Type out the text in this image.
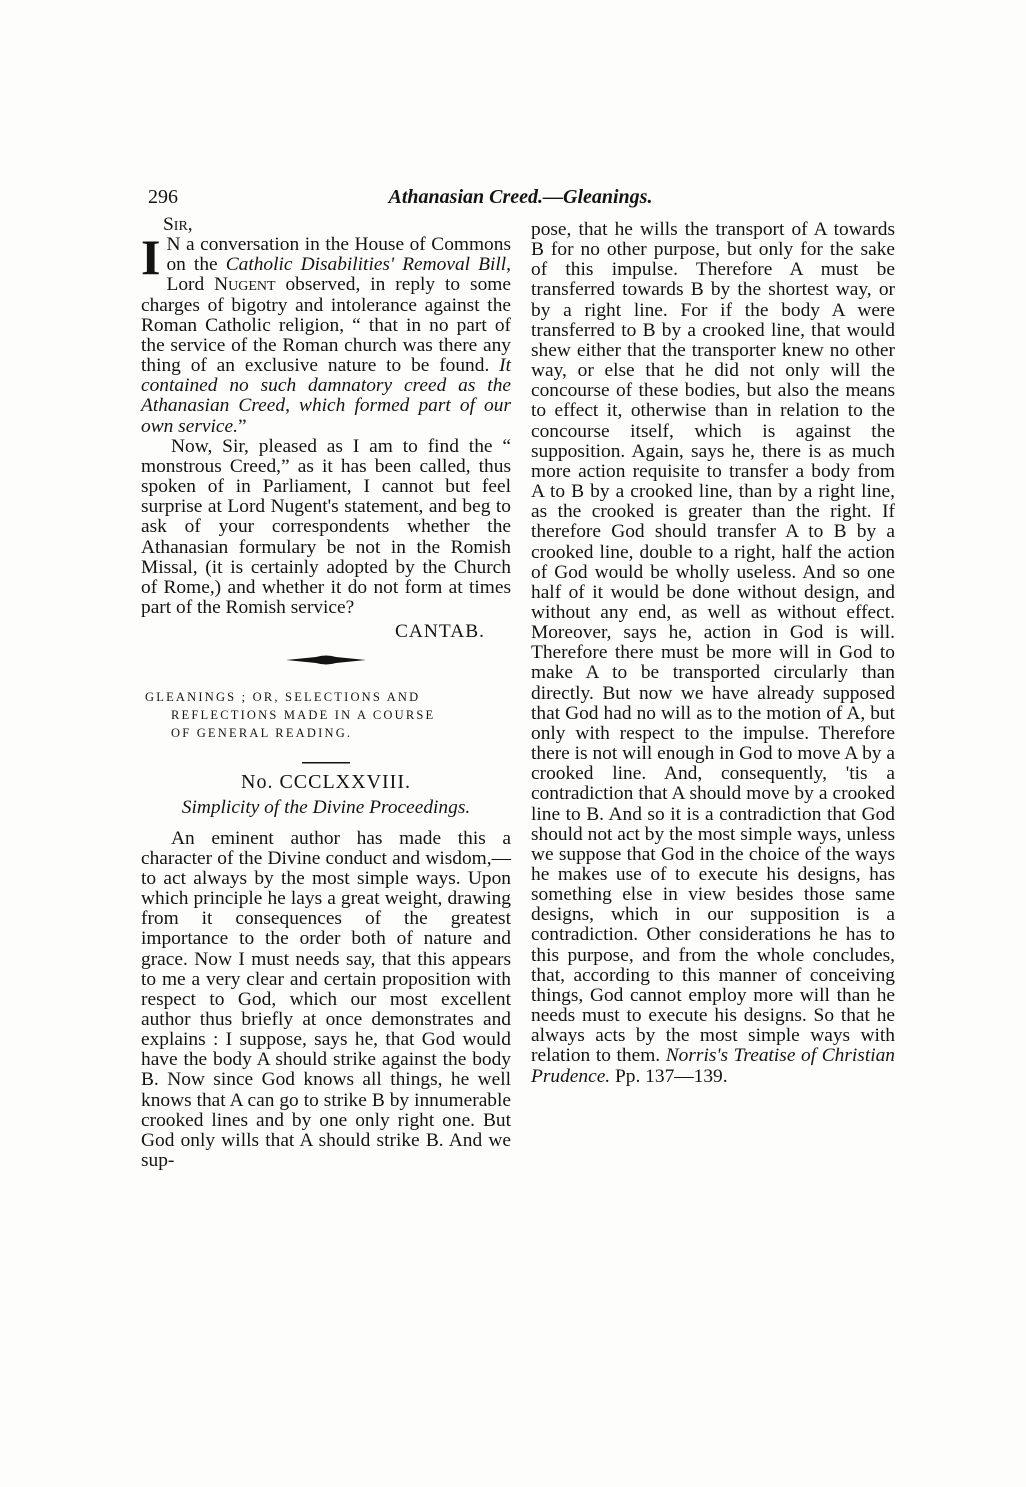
296	Athanasian Creed.—Gleanings.
Sir,

I N a conversation in the House of Commons on the Catholic Disabilities' Removal Bill, Lord Nugent observed, in reply to some charges of bigotry and intolerance against the Roman Catholic religion, “ that in no part of the service of the Roman church was there any thing of an exclusive nature to be found. It contained no such damnatory creed as the Athanasian Creed, which formed part of our own service.”

Now, Sir, pleased as I am to find the “ monstrous Creed,” as it has been called, thus spoken of in Parliament, I cannot but feel surprise at Lord Nugent's statement, and beg to ask of your correspondents whether the Athanasian formulary be not in the Romish Missal, (it is certainly adopted by the Church of Rome,) and whether it do not form at times part of the Romish service?

CANTAB.
GLEANINGS ; OR, SELECTIONS AND
REFLECTIONS MADE IN A COURSE
OF GENERAL READING.
No. CCCLXXVIII.
Simplicity of the Divine Proceedings.

An eminent author has made this a character of the Divine conduct and wisdom,—to act always by the most simple ways. Upon which principle he lays a great weight, drawing from it consequences of the greatest importance to the order both of nature and grace. Now I must needs say, that this appears to me a very clear and certain proposition with respect to God, which our most excellent author thus briefly at once demonstrates and explains : I suppose, says he, that God would have the body A should strike against the body B. Now since God knows all things, he well knows that A can go to strike B by innumerable crooked lines and by one only right one. But God only wills that A should strike B. And we sup-

pose, that he wills the transport of A towards B for no other purpose, but only for the sake of this impulse. Therefore A must be transferred towards B by the shortest way, or by a right line. For if the body A were transferred to B by a crooked line, that would shew either that the transporter knew no other way, or else that he did not only will the concourse of these bodies, but also the means to effect it, otherwise than in relation to the concourse itself, which is against the supposition. Again, says he, there is as much more action requisite to transfer a body from A to B by a crooked line, than by a right line, as the crooked is greater than the right. If therefore God should transfer A to B by a crooked line, double to a right, half the action of God would be wholly useless. And so one half of it would be done without design, and without any end, as well as without effect. Moreover, says he, action in God is will. Therefore there must be more will in God to make A to be transported circularly than directly. But now we have already supposed that God had no will as to the motion of A, but only with respect to the impulse. Therefore there is not will enough in God to move A by a crooked line. And, consequently, 'tis a contradiction that A should move by a crooked line to B. And so it is a contradiction that God should not act by the most simple ways, unless we suppose that God in the choice of the ways he makes use of to execute his designs, has something else in view besides those same designs, which in our supposition is a contradiction. Other considerations he has to this purpose, and from the whole concludes, that, according to this manner of conceiving things, God cannot employ more will than he needs must to execute his designs. So that he always acts by the most simple ways with relation to them. Norris's Treatise of Christian Prudence. Pp. 137—139.
